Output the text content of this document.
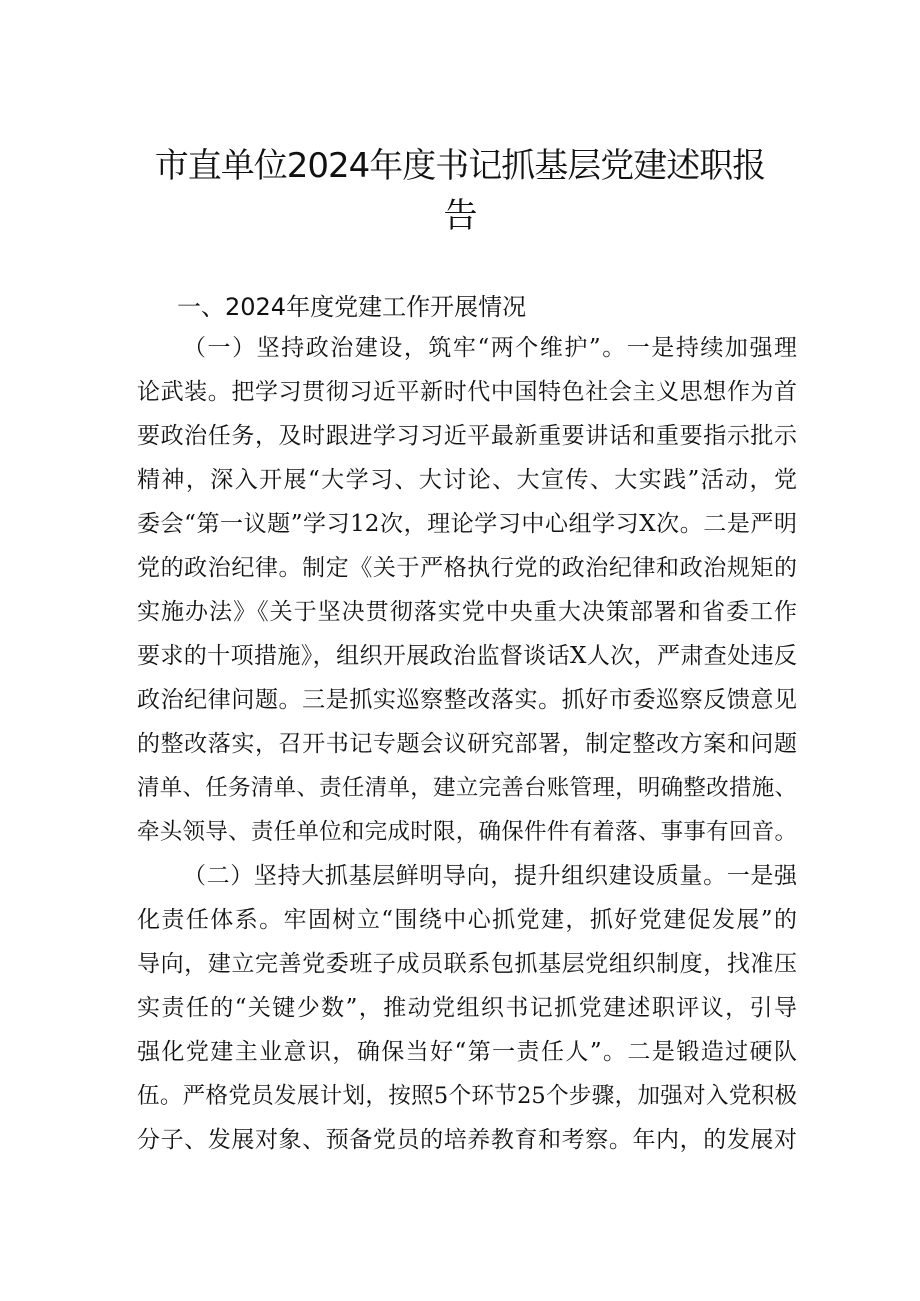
市直单位2024年度书记抓基层党建述职报
告
一、2024年度党建工作开展情况

（一）坚持政治建设，筑牢“两个维护”。一是持续加强理

论武装。把学习贯彻习近平新时代中国特色社会主义思想作为首

要政治任务，及时跟进学习习近平最新重要讲话和重要指示批示

精神，深入开展“大学习、大讨论、大宣传、大实践”活动，党

委会“第一议题”学习12次，理论学习中心组学习X次。二是严明

党的政治纪律。制定《关于严格执行党的政治纪律和政治规矩的

实施办法》《关于坚决贯彻落实党中央重大决策部署和省委工作

要求的十项措施》，组织开展政治监督谈话X人次，严肃查处违反

政治纪律问题。三是抓实巡察整改落实。抓好市委巡察反馈意见

的整改落实，召开书记专题会议研究部署，制定整改方案和问题

清单、任务清单、责任清单，建立完善台账管理，明确整改措施、

牵头领导、责任单位和完成时限，确保件件有着落、事事有回音。

（二）坚持大抓基层鲜明导向，提升组织建设质量。一是强

化责任体系。牢固树立“围绕中心抓党建，抓好党建促发展”的

导向，建立完善党委班子成员联系包抓基层党组织制度，找准压

实责任的“关键少数”，推动党组织书记抓党建述职评议，引导

强化党建主业意识，确保当好“第一责任人”。二是锻造过硬队

伍。严格党员发展计划，按照5个环节25个步骤，加强对入党积极

分子、发展对象、预备党员的培养教育和考察。年内，的发展对
